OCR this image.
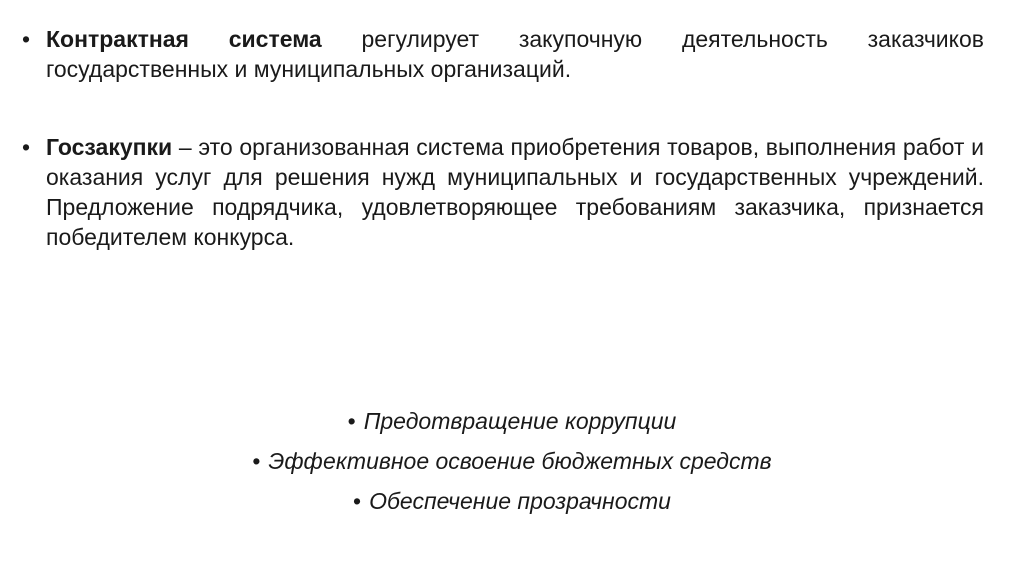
• Контрактная система регулирует закупочную деятельность заказчиков государственных и муниципальных организаций.
• Госзакупки – это организованная система приобретения товаров, выполнения работ и оказания услуг для решения нужд муниципальных и государственных учреждений. Предложение подрядчика, удовлетворяющее требованиям заказчика, признается победителем конкурса.
• Предотвращение коррупции
• Эффективное освоение бюджетных средств
• Обеспечение прозрачности
